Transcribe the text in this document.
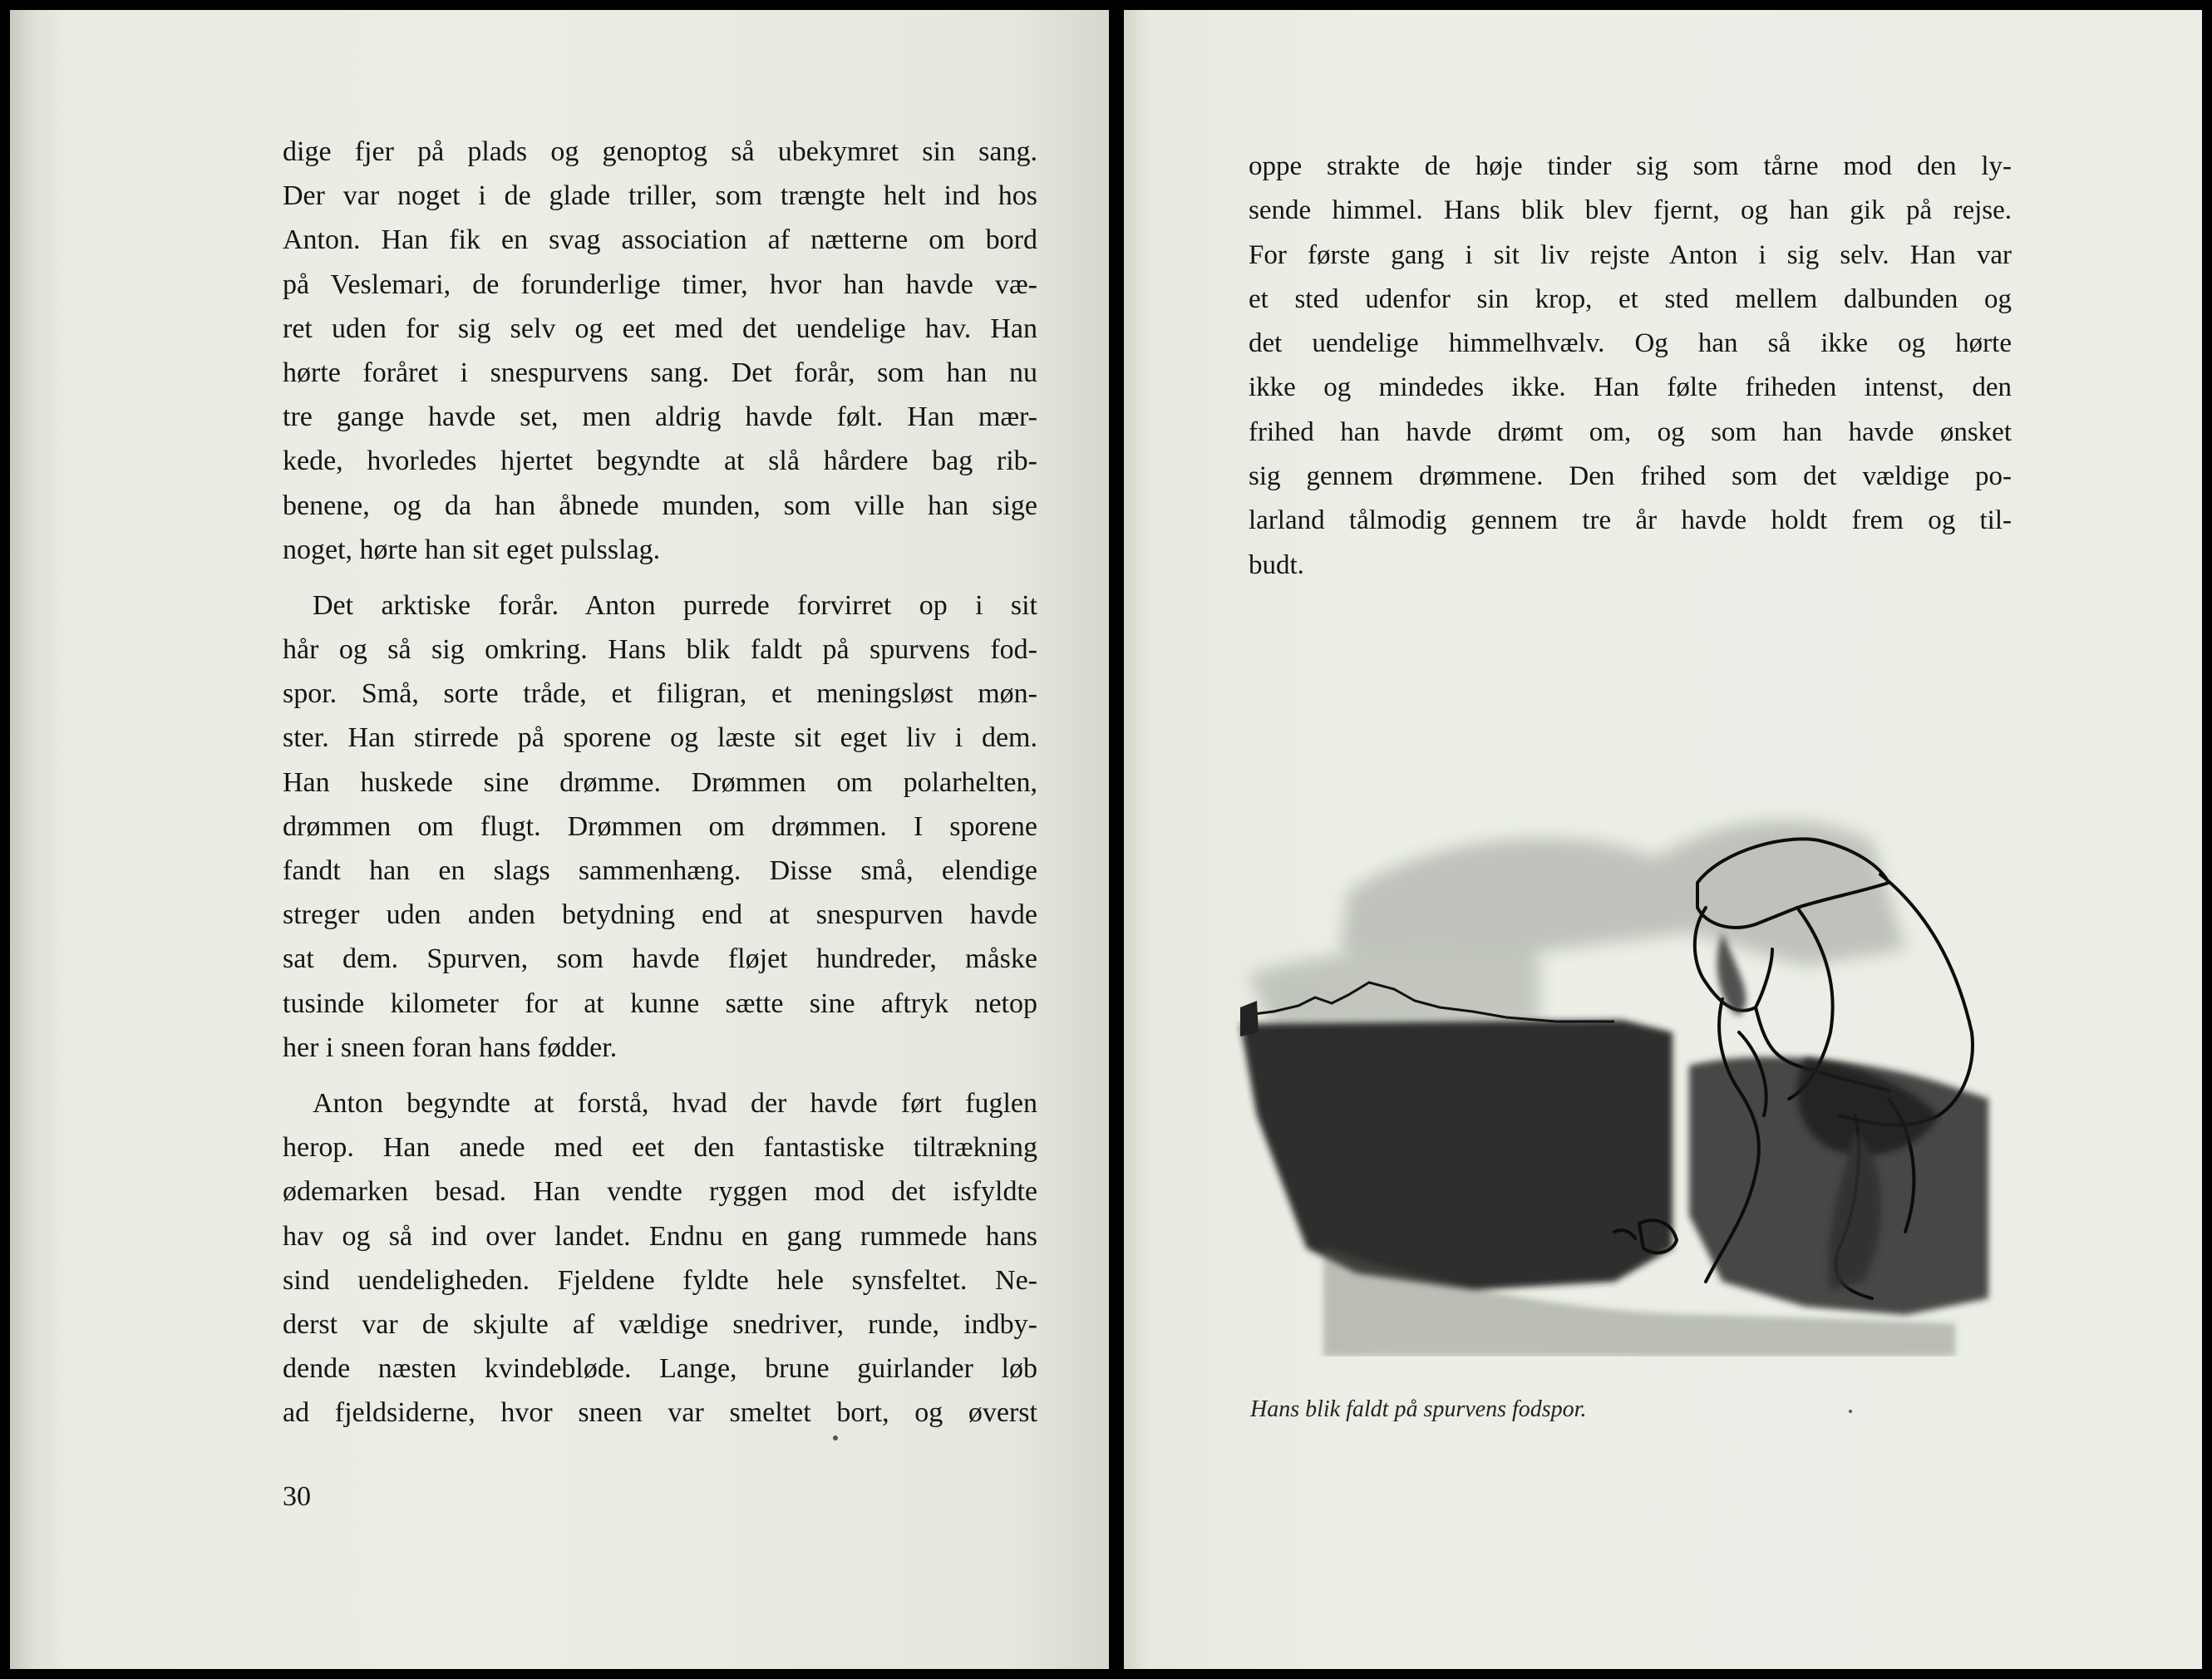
dige fjer på plads og genoptog så ubekymret sin sang.
Der var noget i de glade triller, som trængte helt ind hos
Anton. Han fik en svag association af nætterne om bord
på Veslemari, de forunderlige timer, hvor han havde væ-
ret uden for sig selv og eet med det uendelige hav. Han
hørte foråret i snespurvens sang. Det forår, som han nu
tre gange havde set, men aldrig havde følt. Han mær-
kede, hvorledes hjertet begyndte at slå hårdere bag rib-
benene, og da han åbnede munden, som ville han sige
noget, hørte han sit eget pulsslag.
Det arktiske forår. Anton purrede forvirret op i sit
hår og så sig omkring. Hans blik faldt på spurvens fod-
spor. Små, sorte tråde, et filigran, et meningsløst møn-
ster. Han stirrede på sporene og læste sit eget liv i dem.
Han huskede sine drømme. Drømmen om polarhelten,
drømmen om flugt. Drømmen om drømmen. I sporene
fandt han en slags sammenhæng. Disse små, elendige
streger uden anden betydning end at snespurven havde
sat dem. Spurven, som havde fløjet hundreder, måske
tusinde kilometer for at kunne sætte sine aftryk netop
her i sneen foran hans fødder.
Anton begyndte at forstå, hvad der havde ført fuglen
herop. Han anede med eet den fantastiske tiltrækning
ødemarken besad. Han vendte ryggen mod det isfyldte
hav og så ind over landet. Endnu en gang rummede hans
sind uendeligheden. Fjeldene fyldte hele synsfeltet. Ne-
derst var de skjulte af vældige snedriver, runde, indby-
dende næsten kvindebløde. Lange, brune guirlander løb
ad fjeldsiderne, hvor sneen var smeltet bort, og øverst
30
oppe strakte de høje tinder sig som tårne mod den ly-
sende himmel. Hans blik blev fjernt, og han gik på rejse.
For første gang i sit liv rejste Anton i sig selv. Han var
et sted udenfor sin krop, et sted mellem dalbunden og
det uendelige himmelhvælv. Og han så ikke og hørte
ikke og mindedes ikke. Han følte friheden intenst, den
frihed han havde drømt om, og som han havde ønsket
sig gennem drømmene. Den frihed som det vældige po-
larland tålmodig gennem tre år havde holdt frem og til-
budt.
Hans blik faldt på spurvens fodspor.
